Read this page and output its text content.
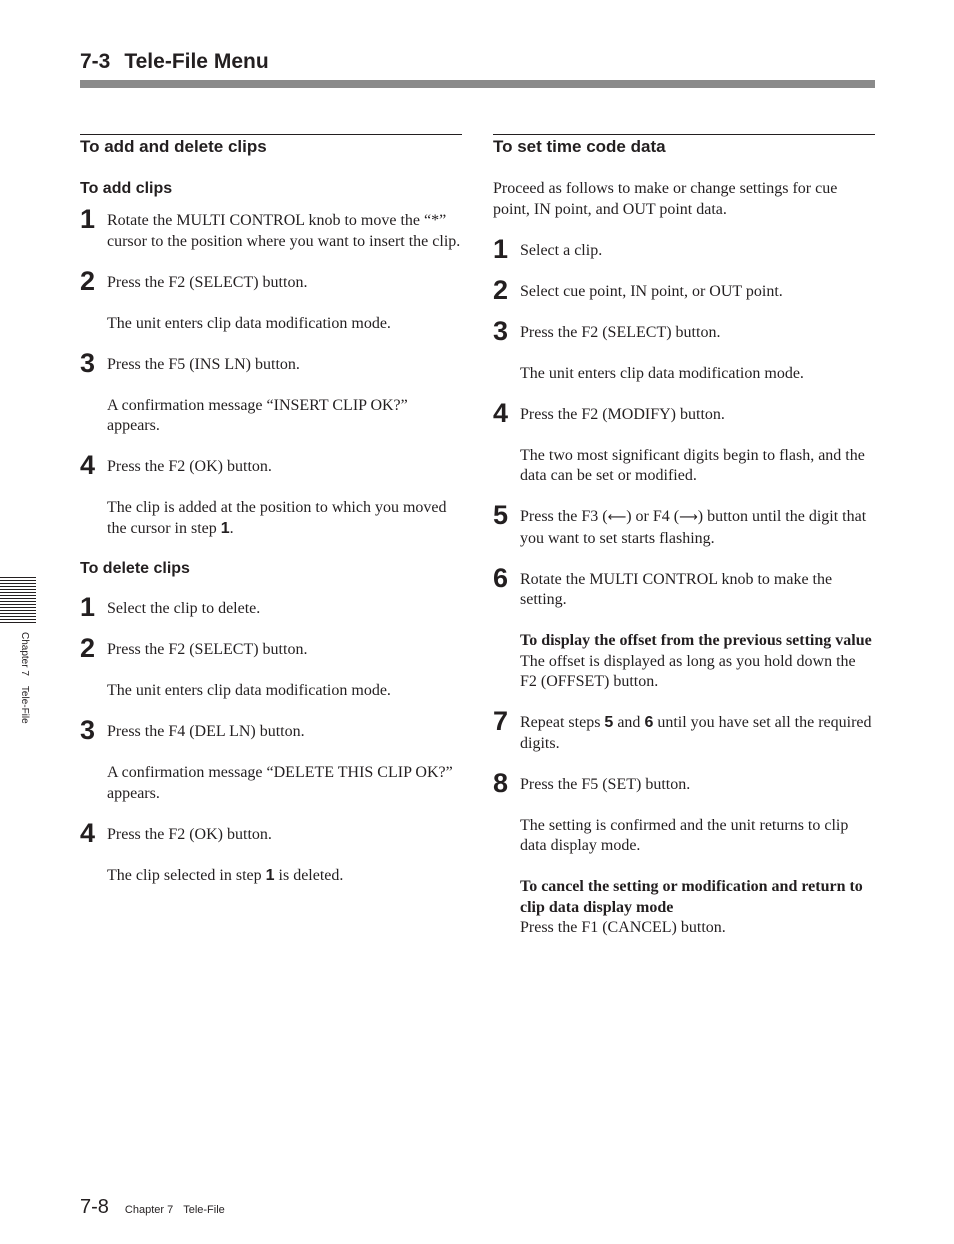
7-3 Tele-File Menu
To add and delete clips
To add clips
1 Rotate the MULTI CONTROL knob to move the “*” cursor to the position where you want to insert the clip.
2 Press the F2 (SELECT) button.
The unit enters clip data modification mode.
3 Press the F5 (INS LN) button.
A confirmation message “INSERT CLIP OK?” appears.
4 Press the F2 (OK) button.
The clip is added at the position to which you moved the cursor in step 1.
To delete clips
1 Select the clip to delete.
2 Press the F2 (SELECT) button.
The unit enters clip data modification mode.
3 Press the F4 (DEL LN) button.
A confirmation message “DELETE THIS CLIP OK?” appears.
4 Press the F2 (OK) button.
The clip selected in step 1 is deleted.
To set time code data
Proceed as follows to make or change settings for cue point, IN point, and OUT point data.
1 Select a clip.
2 Select cue point, IN point, or OUT point.
3 Press the F2 (SELECT) button.
The unit enters clip data modification mode.
4 Press the F2 (MODIFY) button.
The two most significant digits begin to flash, and the data can be set or modified.
5 Press the F3 (⟵) or F4 (⟶) button until the digit that you want to set starts flashing.
6 Rotate the MULTI CONTROL knob to make the setting.
To display the offset from the previous setting value
The offset is displayed as long as you hold down the F2 (OFFSET) button.
7 Repeat steps 5 and 6 until you have set all the required digits.
8 Press the F5 (SET) button.
The setting is confirmed and the unit returns to clip data display mode.
To cancel the setting or modification and return to clip data display mode
Press the F1 (CANCEL) button.
Chapter 7Tele-File
7-8 Chapter 7 Tele-File
